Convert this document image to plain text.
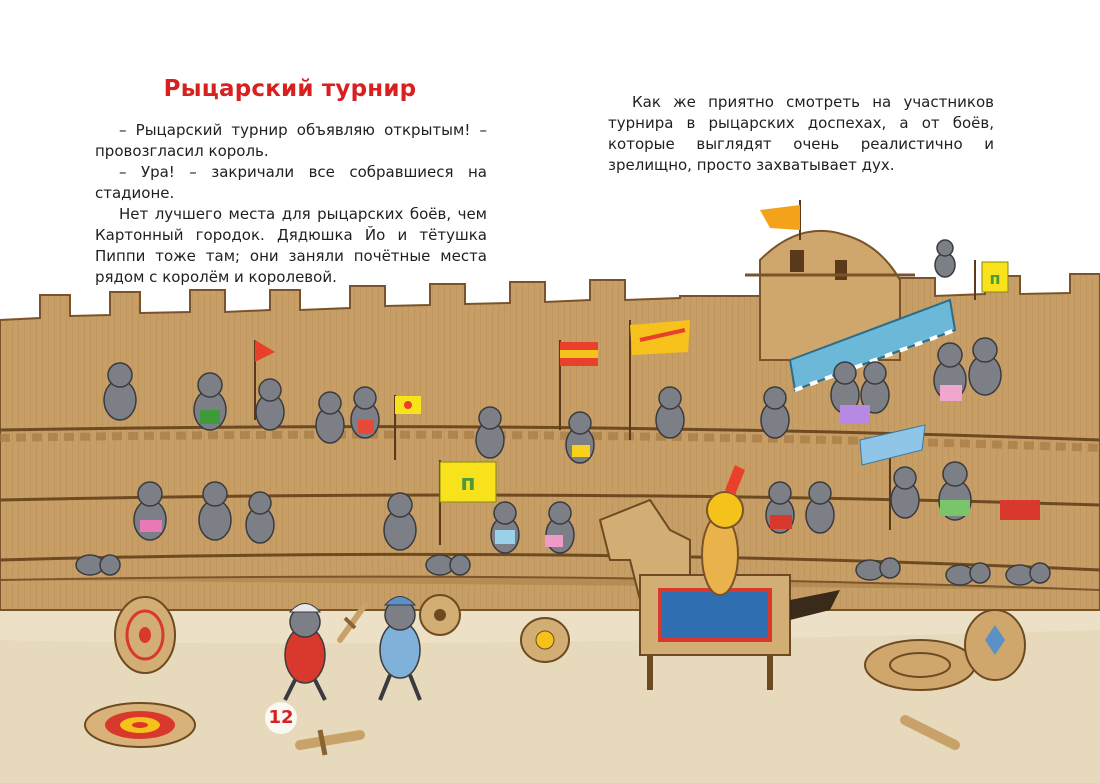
п
п
Рыцарский турнир

– Рыцарский турнир объявляю открытым! – провозгласил король.

– Ура! – закричали все собравшиеся на стадионе.

Нет лучшего места для рыцарских боёв, чем Картонный городок. Дядюшка Йо и тётушка Пиппи тоже там; они заняли почётные места рядом с королём и королевой.

Как же приятно смотреть на участников турнира в рыцарских доспехах, а от боёв, которые выглядят очень реалистично и зрелищно, просто захватывает дух.

12
